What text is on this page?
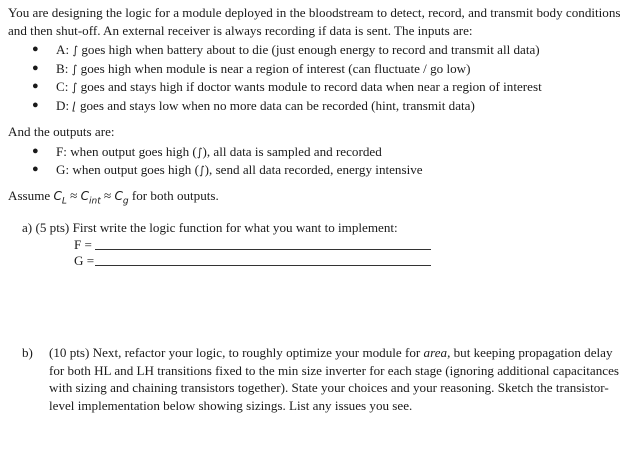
You are designing the logic for a module deployed in the bloodstream to detect, record, and transmit body conditions and then shut-off. An external receiver is always recording if data is sent. The inputs are:

● A: ∫ goes high when battery about to die (just enough energy to record and transmit all data)
● B: ∫ goes high when module is near a region of interest (can fluctuate / go low)
● C: ∫ goes and stays high if doctor wants module to record data when near a region of interest
● D: ⌊ goes and stays low when no more data can be recorded (hint, transmit data)

And the outputs are:

● F: when output goes high (∫), all data is sampled and recorded
● G: when output goes high (∫), send all data recorded, energy intensive

Assume $C_L \approx C_{int} \approx C_g$ for both outputs.

a) (5 pts) First write the logic function for what you want to implement:
F =
G =
b) (10 pts) Next, refactor your logic, to roughly optimize your module for area, but keeping propagation delay for both HL and LH transitions fixed to the min size inverter for each stage (ignoring additional capacitances with sizing and chaining transistors together). State your choices and your reasoning. Sketch the transistor-level implementation below showing sizings. List any issues you see.
